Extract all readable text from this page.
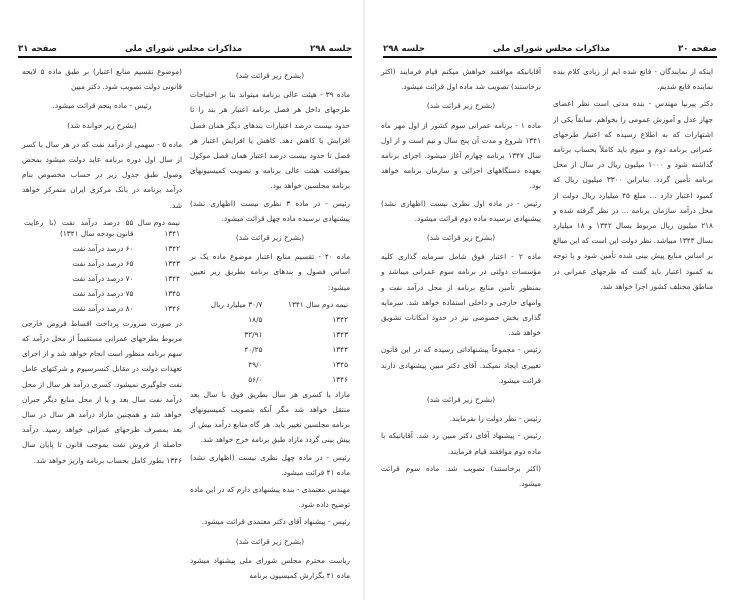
صفحه ۳۱	مذاکرات مجلس شورای ملی	جلسه ۲۹۸

(بشرح زیر قرائت شد)

ماده ۳۹ - هیئت عالی برنامه میتواند بنا بر احتیاجات طرحهای داخل هر فصل برنامه اعتبار هر بند را تا حدود بیست درصد اعتبارات بندهای دیگر همان فصل افزایش یا کاهش دهد. کاهش یا افزایش اعتبار هر فصل تا حدود بیست درصد اعتبار همان فصل موکول بموافقت هیئت عالی برنامه و تصویب کمیسیونهای برنامه مجلسین خواهد بود.

رئیس - در ماده ۳ نظری نیست (اظهاری نشد) پیشنهادی نرسیده ماده چهل قرائت میشود.

(بشرح زیر قرائت شد)

ماده ۴۰ - تقسیم منابع اعتبار موضوع ماده یک بر اساس فصول و بندهای برنامه بطریق زیر تعیین میشود:

نیمه دوم سال ۱۳۴۱	۳۰/۷ میلیارد ریال
۱۳۴۲	۱۸/۵
۱۳۴۳	۳۲/۹۱
۱۳۴۴	۴۰/۲۵
۱۳۴۵	۴۹/۰
۱۳۴۶	۵۶/۰

مازاد یا کسری هر سال بطریق فوق با سال بعد منتقل خواهد شد مگر آنکه بتصویب کمیسیونهای برنامه مجلسین تغییر یابد. هر گاه منابع درآمد بیش از پیش بینی گردد مازاد طبق برنامه خرج خواهد شد.

رئیس - در ماده چهل نظری نیست (اظهاری نشد) ماده ۴۱ قرائت میشود.

مهندس معتمدی - بنده پیشنهادی دارم که در این ماده توضیح داده شود.

رئیس - پیشنهاد آقای دکتر معتمدی قرائت میشود.

(بشرح زیر قرائت شد)

ریاست محترم مجلس شورای ملی پیشنهاد میشود ماده ۴۱ بگزارش کمیسیون برنامه

(موضوع تقسیم منابع اعتبار) بر طبق ماده ۵ لایحه قانونی دولت تصویب شود. دکتر مبین

رئیس - ماده پنجم قرائت میشود.

(بشرح زیر خوانده شد)

ماده ۵ - سهمی از درآمد نفت که در هر سال با کسر از سال اول دوره برنامه عاید دولت میشود بمحض وصول طبق جدول زیر در حساب مخصوص بنام درآمد برنامه در بانک مرکزی ایران متمرکز خواهد شد.

نیمه دوم سال ۱۳۴۱	۵۵ درصد درآمد نفت (با رعایت قانون بودجه سال ۱۳۴۱)
۱۳۴۲	۶۰ درصد درآمد نفت
۱۳۴۳	۶۵ درصد درآمد نفت
۱۳۴۴	۷۰ درصد درآمد نفت
۱۳۴۵	۷۵ درصد درآمد نفت
۱۳۴۶	۸۰ درصد درآمد نفت

در صورت ضرورت پرداخت اقساط قروض خارجی مربوط بطرحهای عمرانی مستقیماً از محل درآمد که سهم برنامه منظور است انجام خواهد شد و از اجرای تعهدات دولت در مقابل کنسرسیوم و شرکتهای عامل نفت جلوگیری نمیشود. کسری درآمد هر سال از محل درآمد نفت سال بعد و یا از محل منابع دیگر جبران خواهد شد و همچنین مازاد درآمد هر سال در سال بعد بمصرف طرحهای عمرانی خواهد رسید. درآمد حاصله از فروش نفت بموجب قانون تا پایان سال ۱۳۴۶ بطور کامل بحساب برنامه واریز خواهد شد.

جلسه ۲۹۸	مذاکرات مجلس شورای ملی	صفحه ۳۰

اینکه از نمایندگان - قانع شده ایم از زیادی کلام بنده نماینده قانع شدیم.

دکتر پیرنیا مهندس - بنده مدتی است نظر اعضای جهاز عدل و آموزش عمومی را بخواهم. سابقاً یکی از اشتهارات که به اطلاع رسیده که اعتبار طرحهای عمرانی برنامه دوم و سوم باید کاملاً بحساب برنامه گذاشته شود و ۱۰۰۰ میلیون ریال در سال از محل برنامه تأمین گردد. بنابراین ۳۳۰۰ میلیون ریال که کمبود اعتبار دارد ... مبلغ ۴۵ میلیارد ریال دولت از محل درآمد سازمان برنامه ... در نظر گرفته شده و ۲۱۸ میلیون ریال مربوط بسال ۱۳۴۲ و ۱۸ میلیارد بسال ۱۳۴۳ میباشد. نظر دولت این است که این مبالغ بر اساس منابع پیش بینی شده تأمین شود و با توجه به کمبود اعتبار باید گفت که طرحهای عمرانی در مناطق مختلف کشور اجرا خواهد شد.

آقایانیکه موافقند خواهش میکنم قیام فرمایند (اکثر برخاستند) تصویب شد ماده اول قرائت میشود.

(بشرح زیر قرائت شد)

ماده ۱ - برنامه عمرانی سوم کشور از اول مهر ماه ۱۳۴۱ شروع و مدت آن پنج سال و نیم است و از اول سال ۱۳۴۷ برنامه چهارم آغاز میشود. اجرای برنامه بعهده دستگاههای اجرائی و سازمان برنامه خواهد بود.

رئیس - در ماده اول نظری نیست (اظهاری نشد) پیشنهادی نرسیده ماده دوم قرائت میشود.

(بشرح زیر قرائت شد)

ماده ۲ - اعتبار فوق شامل سرمایه گذاری کلیه مؤسسات دولتی در برنامه سوم عمرانی میباشد و بمنظور تأمین منابع برنامه از محل درآمد نفت و وامهای خارجی و داخلی استفاده خواهد شد. سرمایه گذاری بخش خصوصی نیز در حدود امکانات تشویق خواهد شد.

رئیس - مجموعاً پیشنهاداتی رسیده که در این قانون تغییری ایجاد نمیکند. آقای دکتر مبین پیشنهادی دارند قرائت میشود.

(بشرح زیر قرائت شد)

رئیس - نظر دولت را بفرمایند.

رئیس - پیشنهاد آقای دکتر مبین رد شد. آقایانیکه با ماده دوم موافقند قیام فرمایند.

(اکثر برخاستند) تصویب شد. ماده سوم قرائت میشود.
